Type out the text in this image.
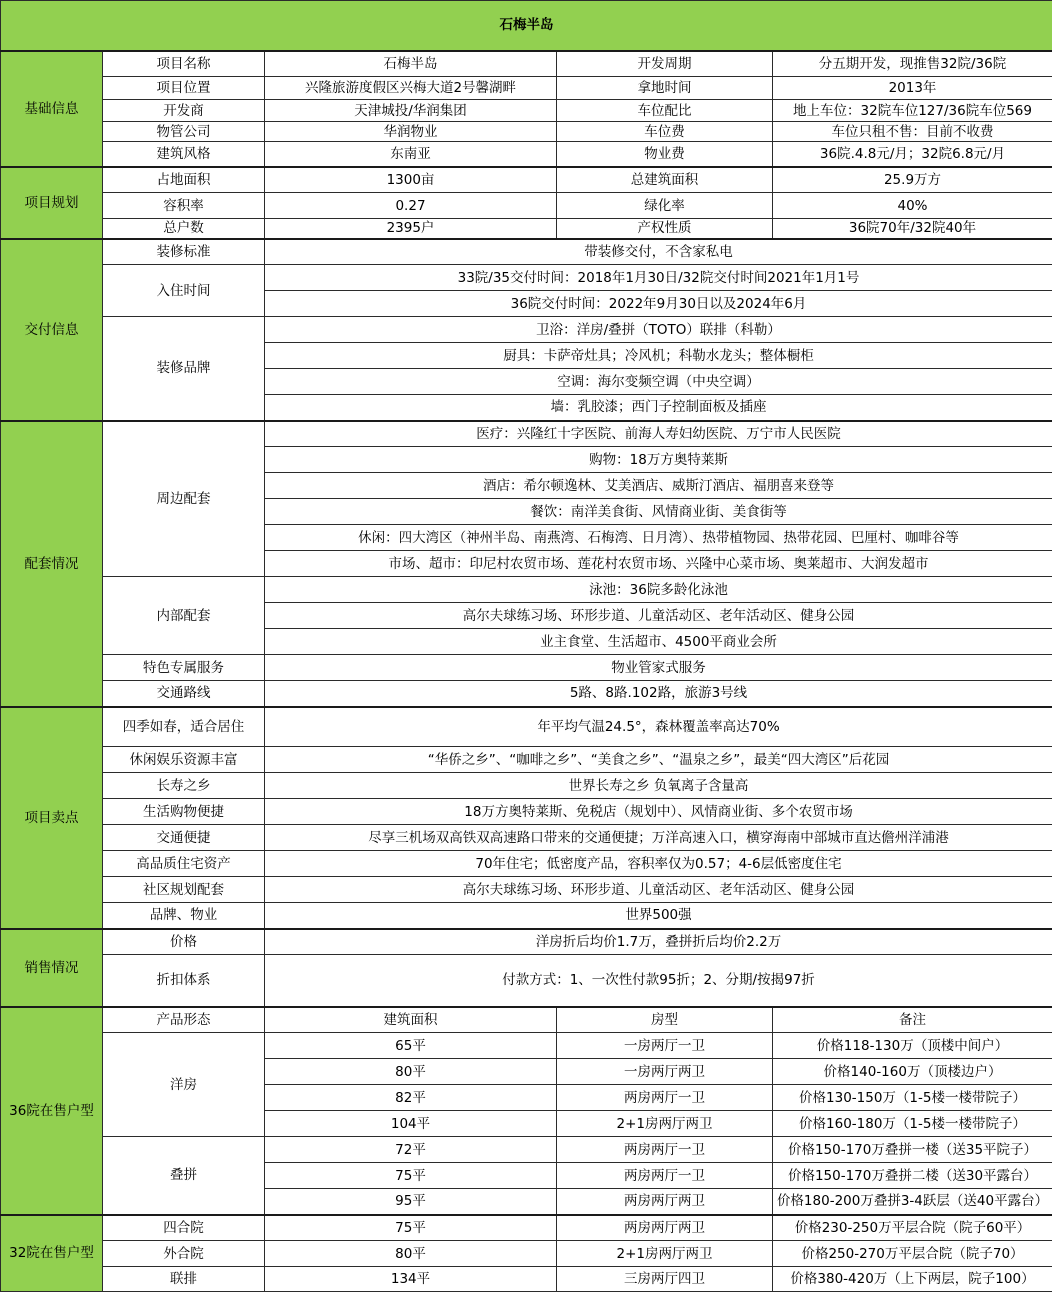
石梅半岛				
基础信息	项目名称	石梅半岛	开发周期	分五期开发，现推售32院/36院
	项目位置	兴隆旅游度假区兴梅大道2号馨湖畔	拿地时间	2013年
	开发商	天津城投/华润集团	车位配比	地上车位：32院车位127/36院车位569
	物管公司	华润物业	车位费	车位只租不售：目前不收费
	建筑风格	东南亚	物业费	36院.4.8元/月；32院6.8元/月
项目规划	占地面积	1300亩	总建筑面积	25.9万方
	容积率	0.27	绿化率	40%
	总户数	2395户	产权性质	36院70年/32院40年
交付信息	装修标准	带装修交付，不含家私电		
	入住时间	33院/35交付时间：2018年1月30日/32院交付时间2021年1月1号		
		36院交付时间：2022年9月30日以及2024年6月		
	装修品牌	卫浴：洋房/叠拼（TOTO）联排（科勒）		
		厨具：卡萨帝灶具；冷风机；科勒水龙头；整体橱柜		
		空调：海尔变频空调（中央空调）		
		墙：乳胶漆；西门子控制面板及插座		
配套情况	周边配套	医疗：兴隆红十字医院、前海人寿妇幼医院、万宁市人民医院		
		购物：18万方奥特莱斯		
		酒店：希尔顿逸林、艾美酒店、威斯汀酒店、福朋喜来登等		
		餐饮：南洋美食街、风情商业街、美食街等		
		休闲：四大湾区（神州半岛、南燕湾、石梅湾、日月湾）、热带植物园、热带花园、巴厘村、咖啡谷等		
		市场、超市：印尼村农贸市场、莲花村农贸市场、兴隆中心菜市场、奥莱超市、大润发超市		
	内部配套	泳池：36院多龄化泳池		
		高尔夫球练习场、环形步道、儿童活动区、老年活动区、健身公园		
		业主食堂、生活超市、4500平商业会所		
	特色专属服务	物业管家式服务		
	交通路线	5路、8路.102路，旅游3号线		
项目卖点	四季如春，适合居住	年平均气温24.5°，森林覆盖率高达70%		
	休闲娱乐资源丰富	“华侨之乡”、“咖啡之乡”、“美食之乡”、“温泉之乡”，最美“四大湾区”后花园		
	长寿之乡	世界长寿之乡 负氧离子含量高		
	生活购物便捷	18万方奥特莱斯、免税店（规划中）、风情商业街、多个农贸市场		
	交通便捷	尽享三机场双高铁双高速路口带来的交通便捷；万洋高速入口，横穿海南中部城市直达儋州洋浦港		
	高品质住宅资产	70年住宅；低密度产品，容积率仅为0.57；4-6层低密度住宅		
	社区规划配套	高尔夫球练习场、环形步道、儿童活动区、老年活动区、健身公园		
	品牌、物业	世界500强		
销售情况	价格	洋房折后均价1.7万，叠拼折后均价2.2万		
	折扣体系	付款方式：1、一次性付款95折；2、分期/按揭97折		
36院在售户型	产品形态	建筑面积	房型	备注
	洋房	65平	一房两厅一卫	价格118-130万（顶楼中间户）
		80平	一房两厅两卫	价格140-160万（顶楼边户）
		82平	两房两厅一卫	价格130-150万（1-5楼一楼带院子）
		104平	2+1房两厅两卫	价格160-180万（1-5楼一楼带院子）
	叠拼	72平	两房两厅一卫	价格150-170万叠拼一楼（送35平院子）
		75平	两房两厅一卫	价格150-170万叠拼二楼（送30平露台）
		95平	两房两厅两卫	价格180-200万叠拼3-4跃层（送40平露台）
32院在售户型	四合院	75平	两房两厅两卫	价格230-250万平层合院（院子60平）
	外合院	80平	2+1房两厅两卫	价格250-270万平层合院（院子70）
	联排	134平	三房两厅四卫	价格380-420万（上下两层，院子100）
